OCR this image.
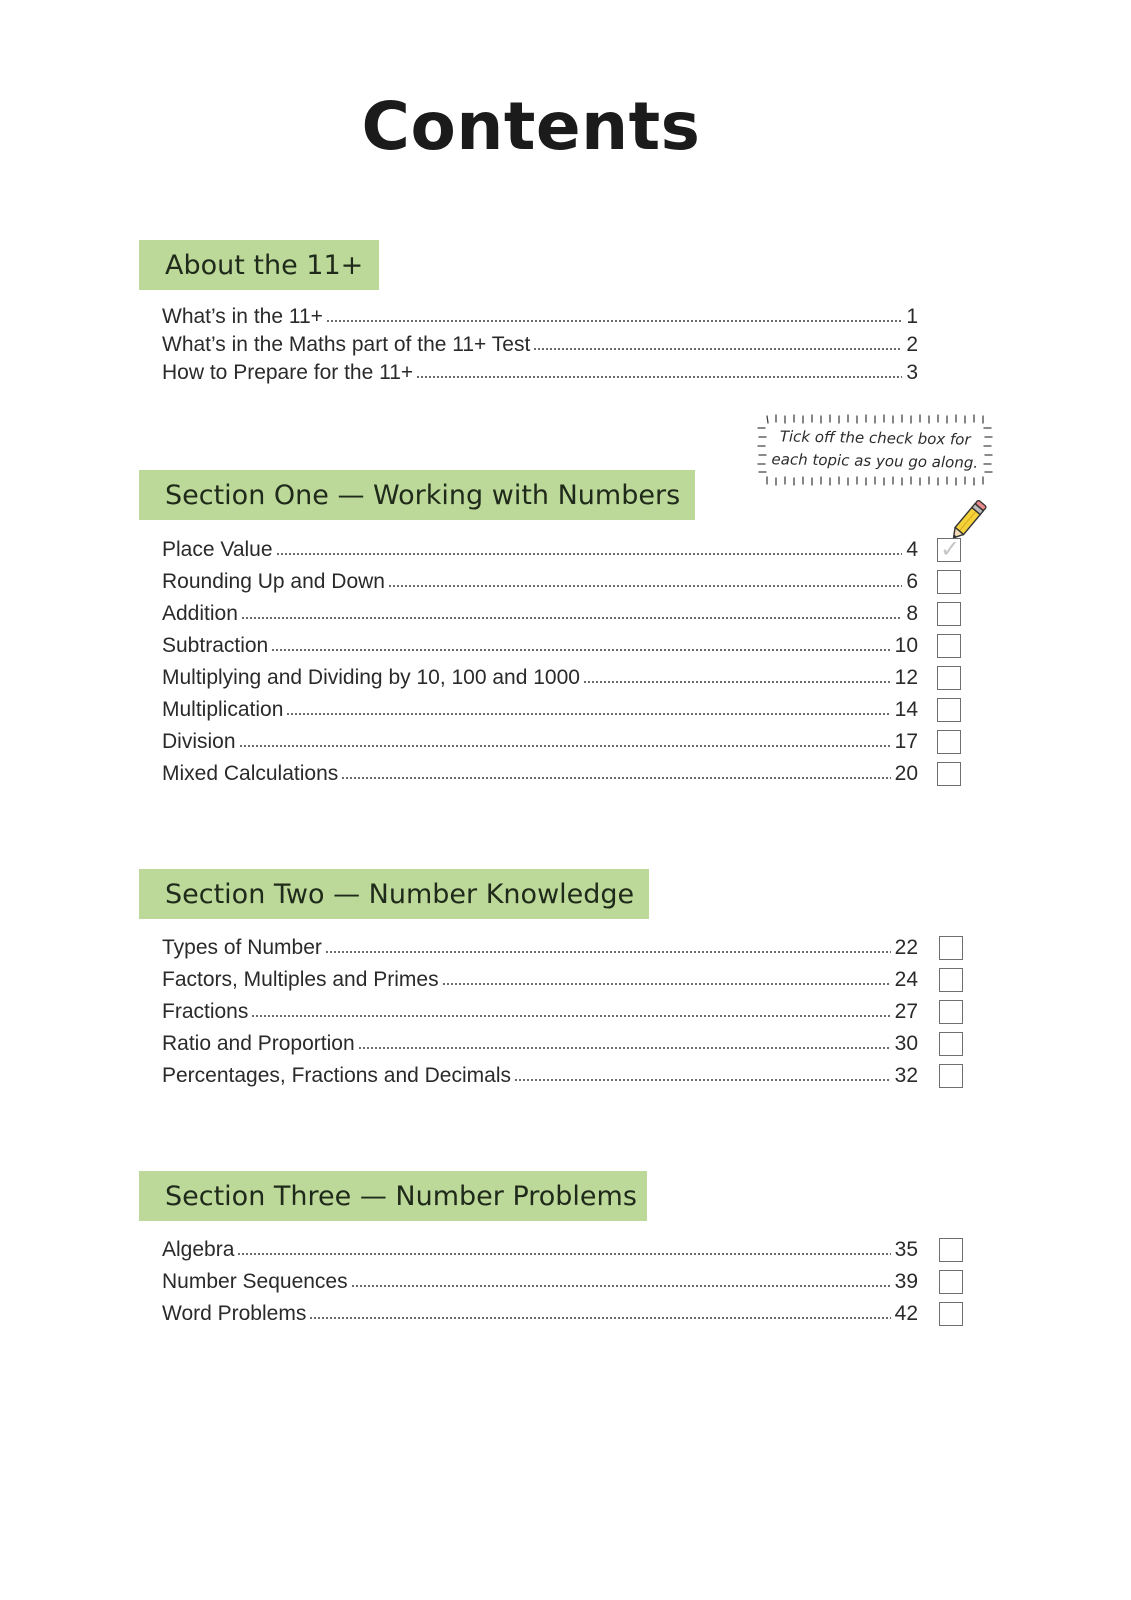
Contents
About the 11+
What’s in the 11+	1
What’s in the Maths part of the 11+ Test	2
How to Prepare for the 11+	3
Tick off the check box for each topic as you go along.
Section One — Working with Numbers
Place Value	4 ✓
Rounding Up and Down	6
Addition	8
Subtraction	10
Multiplying and Dividing by 10, 100 and 1000	12
Multiplication	14
Division	17
Mixed Calculations	20
Section Two — Number Knowledge
Types of Number	22
Factors, Multiples and Primes	24
Fractions	27
Ratio and Proportion	30
Percentages, Fractions and Decimals	32
Section Three — Number Problems
Algebra	35
Number Sequences	39
Word Problems	42
